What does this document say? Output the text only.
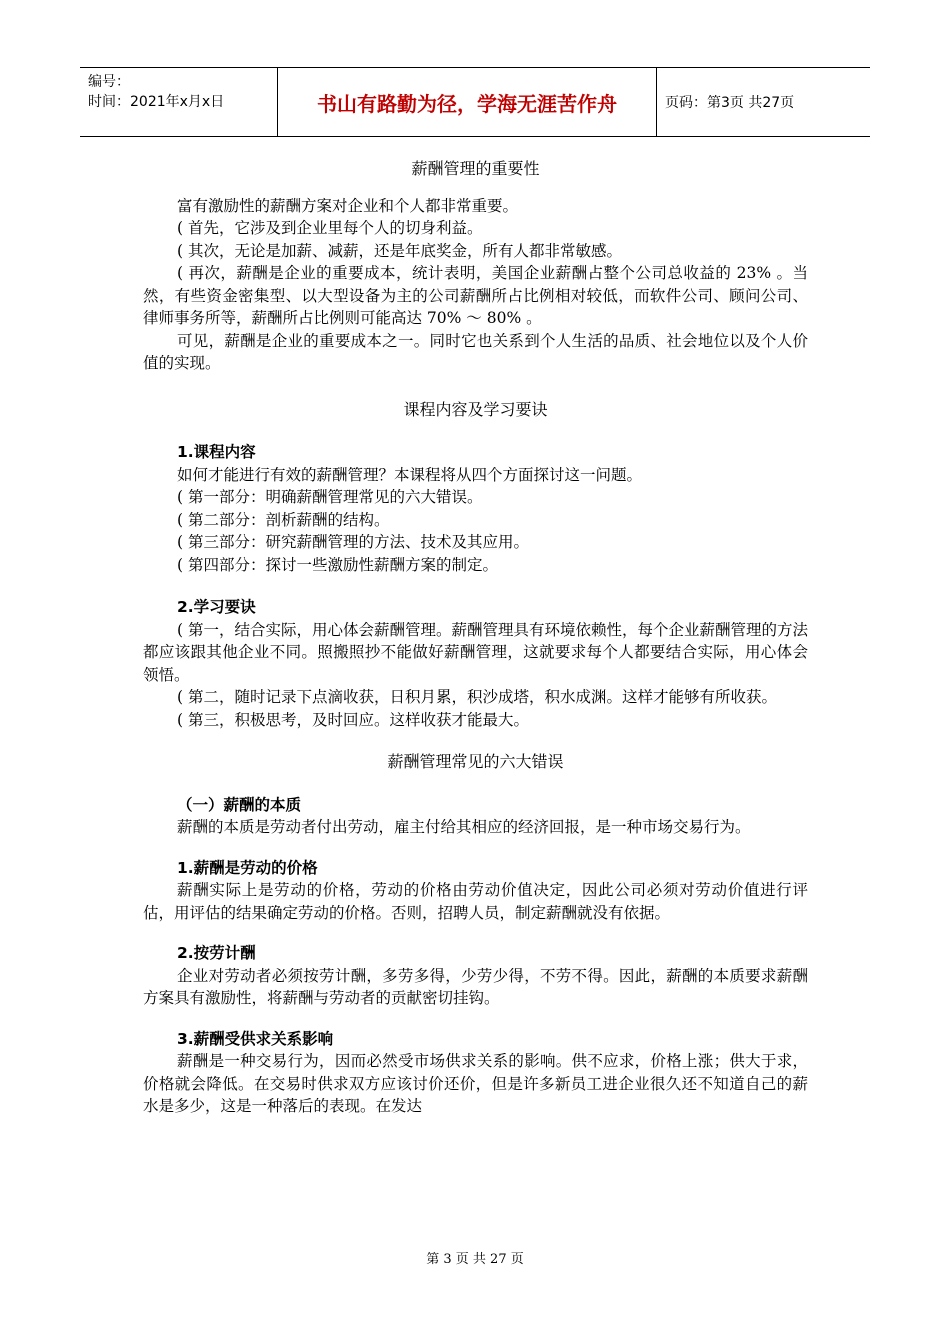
编号：
时间：2021年x月x日	书山有路勤为径，学海无涯苦作舟	页码：第3页 共27页
薪酬管理的重要性

富有激励性的薪酬方案对企业和个人都非常重要。

( 首先，它涉及到企业里每个人的切身利益。

( 其次，无论是加薪、减薪，还是年底奖金，所有人都非常敏感。

( 再次，薪酬是企业的重要成本，统计表明，美国企业薪酬占整个公司总收益的 23% 。当然，有些资金密集型、以大型设备为主的公司薪酬所占比例相对较低，而软件公司、顾问公司、律师事务所等，薪酬所占比例则可能高达 70% ～ 80% 。

可见，薪酬是企业的重要成本之一。同时它也关系到个人生活的品质、社会地位以及个人价值的实现。

课程内容及学习要诀
1.课程内容

如何才能进行有效的薪酬管理？本课程将从四个方面探讨这一问题。

( 第一部分：明确薪酬管理常见的六大错误。

( 第二部分：剖析薪酬的结构。

( 第三部分：研究薪酬管理的方法、技术及其应用。

( 第四部分：探讨一些激励性薪酬方案的制定。

2.学习要诀

( 第一，结合实际，用心体会薪酬管理。薪酬管理具有环境依赖性，每个企业薪酬管理的方法都应该跟其他企业不同。照搬照抄不能做好薪酬管理，这就要求每个人都要结合实际，用心体会领悟。

( 第二，随时记录下点滴收获，日积月累，积沙成塔，积水成渊。这样才能够有所收获。

( 第三，积极思考，及时回应。这样收获才能最大。

薪酬管理常见的六大错误
（一）薪酬的本质

薪酬的本质是劳动者付出劳动，雇主付给其相应的经济回报，是一种市场交易行为。

1.薪酬是劳动的价格

薪酬实际上是劳动的价格，劳动的价格由劳动价值决定，因此公司必须对劳动价值进行评估，用评估的结果确定劳动的价格。否则，招聘人员，制定薪酬就没有依据。

2.按劳计酬

企业对劳动者必须按劳计酬，多劳多得，少劳少得，不劳不得。因此，薪酬的本质要求薪酬方案具有激励性，将薪酬与劳动者的贡献密切挂钩。

3.薪酬受供求关系影响

薪酬是一种交易行为，因而必然受市场供求关系的影响。供不应求，价格上涨；供大于求，价格就会降低。在交易时供求双方应该讨价还价，但是许多新员工进企业很久还不知道自己的薪水是多少，这是一种落后的表现。在发达

第 3 页 共 27 页
